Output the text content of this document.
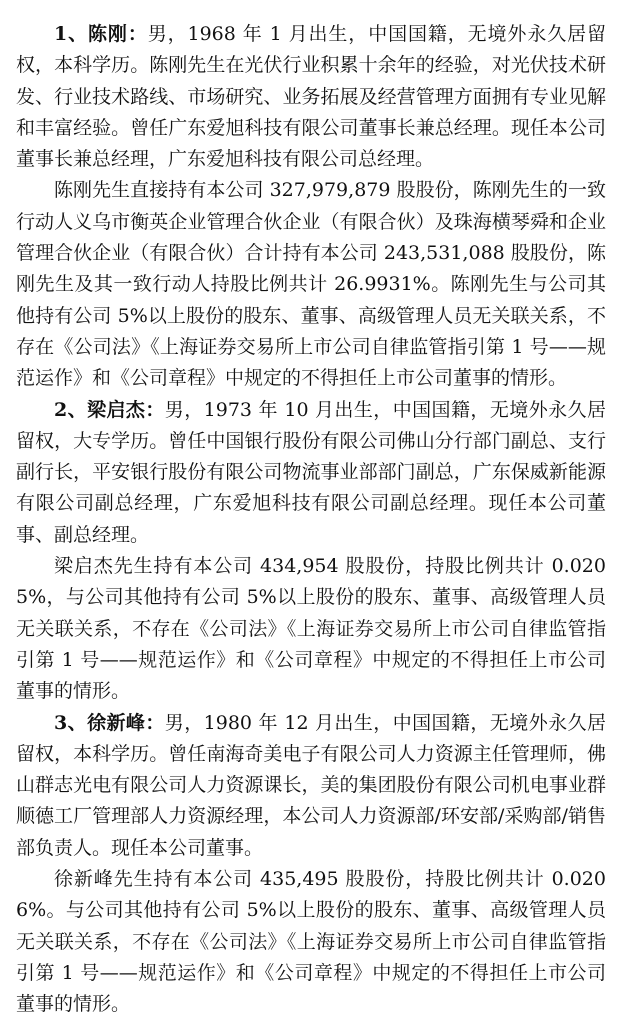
1、陈刚：男，1968 年 1 月出生，中国国籍，无境外永久居留权，本科学历。陈刚先生在光伏行业积累十余年的经验，对光伏技术研发、行业技术路线、市场研究、业务拓展及经营管理方面拥有专业见解和丰富经验。曾任广东爱旭科技有限公司董事长兼总经理。现任本公司董事长兼总经理，广东爱旭科技有限公司总经理。

陈刚先生直接持有本公司 327,979,879 股股份，陈刚先生的一致行动人义乌市衡英企业管理合伙企业（有限合伙）及珠海横琴舜和企业管理合伙企业（有限合伙）合计持有本公司 243,531,088 股股份，陈刚先生及其一致行动人持股比例共计 26.9931%。陈刚先生与公司其他持有公司 5%以上股份的股东、董事、高级管理人员无关联关系，不存在《公司法》《上海证券交易所上市公司自律监管指引第 1 号——规范运作》和《公司章程》中规定的不得担任上市公司董事的情形。

2、梁启杰：男，1973 年 10 月出生，中国国籍，无境外永久居留权，大专学历。曾任中国银行股份有限公司佛山分行部门副总、支行副行长，平安银行股份有限公司物流事业部部门副总，广东保威新能源有限公司副总经理，广东爱旭科技有限公司副总经理。现任本公司董事、副总经理。

梁启杰先生持有本公司 434,954 股股份，持股比例共计 0.0205%，与公司其他持有公司 5%以上股份的股东、董事、高级管理人员无关联关系，不存在《公司法》《上海证券交易所上市公司自律监管指引第 1 号——规范运作》和《公司章程》中规定的不得担任上市公司董事的情形。

3、徐新峰：男，1980 年 12 月出生，中国国籍，无境外永久居留权，本科学历。曾任南海奇美电子有限公司人力资源主任管理师，佛山群志光电有限公司人力资源课长，美的集团股份有限公司机电事业群顺德工厂管理部人力资源经理，本公司人力资源部/环安部/采购部/销售部负责人。现任本公司董事。

徐新峰先生持有本公司 435,495 股股份，持股比例共计 0.0206%。与公司其他持有公司 5%以上股份的股东、董事、高级管理人员无关联关系，不存在《公司法》《上海证券交易所上市公司自律监管指引第 1 号——规范运作》和《公司章程》中规定的不得担任上市公司董事的情形。
